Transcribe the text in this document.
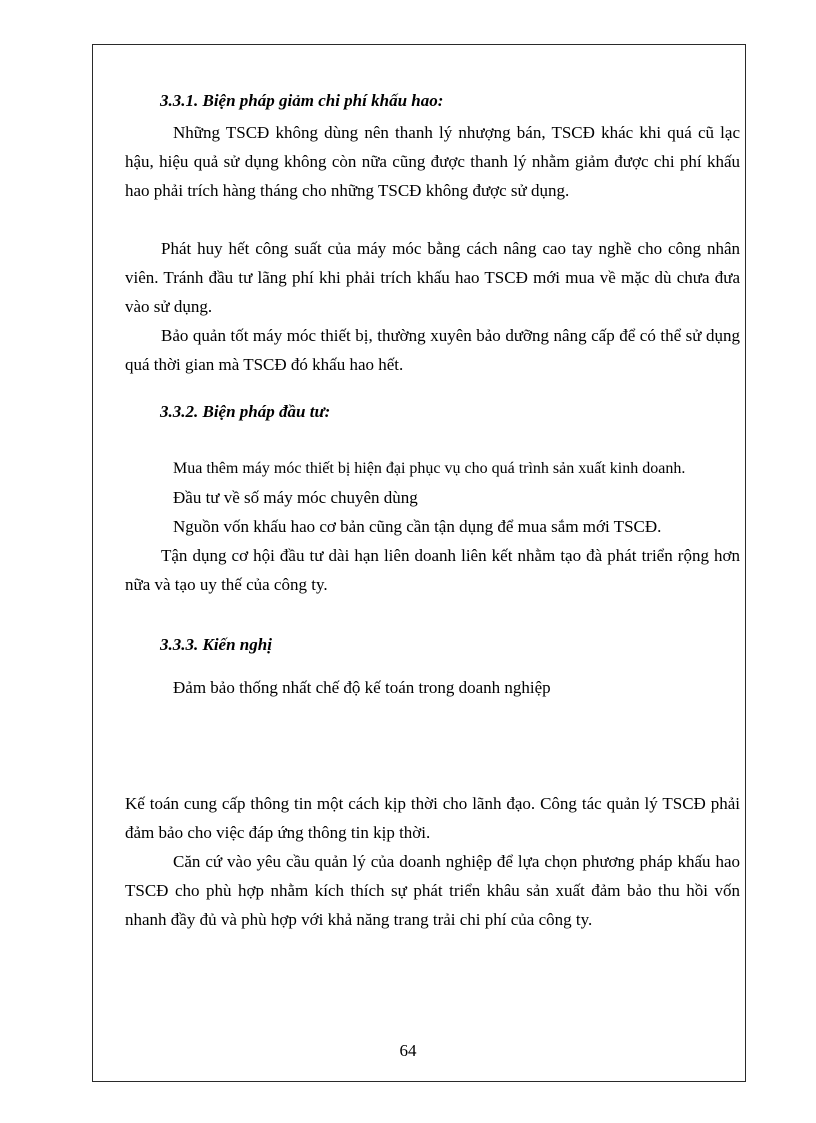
3.3.1. Biện pháp giảm chi phí khấu hao:

Những TSCĐ không dùng nên thanh lý nhượng bán, TSCĐ khác khi quá cũ lạc hậu, hiệu quả sử dụng không còn nữa cũng được thanh lý nhằm giảm được chi phí khấu hao phải trích hàng tháng cho những TSCĐ không được sử dụng.

Phát huy hết công suất của máy móc bằng cách nâng cao tay nghề cho công nhân viên. Tránh đầu tư lãng phí khi phải trích khấu hao TSCĐ mới mua về mặc dù chưa đưa vào sử dụng.

Bảo quản tốt máy móc thiết bị, thường xuyên bảo dưỡng nâng cấp để có thể sử dụng quá thời gian mà TSCĐ đó khấu hao hết.

3.3.2. Biện pháp đầu tư:

Mua thêm máy móc thiết bị hiện đại phục vụ cho quá trình sản xuất kinh doanh.

Đầu tư về số máy móc chuyên dùng

Nguồn vốn khấu hao cơ bản cũng cần tận dụng để mua sắm mới TSCĐ.

Tận dụng cơ hội đầu tư dài hạn liên doanh liên kết nhằm tạo đà phát triển rộng hơn nữa và tạo uy thế của công ty.

3.3.3. Kiến nghị

Đảm bảo thống nhất chế độ kế toán trong doanh nghiệp

Kế toán cung cấp thông tin một cách kịp thời cho lãnh đạo. Công tác quản lý TSCĐ phải đảm bảo cho việc đáp ứng thông tin kịp thời.

Căn cứ vào yêu cầu quản lý của doanh nghiệp để lựa chọn phương pháp khấu hao TSCĐ cho phù hợp nhằm kích thích sự phát triển khâu sản xuất đảm bảo thu hồi vốn nhanh đầy đủ và phù hợp với khả năng trang trải chi phí của công ty.

64
